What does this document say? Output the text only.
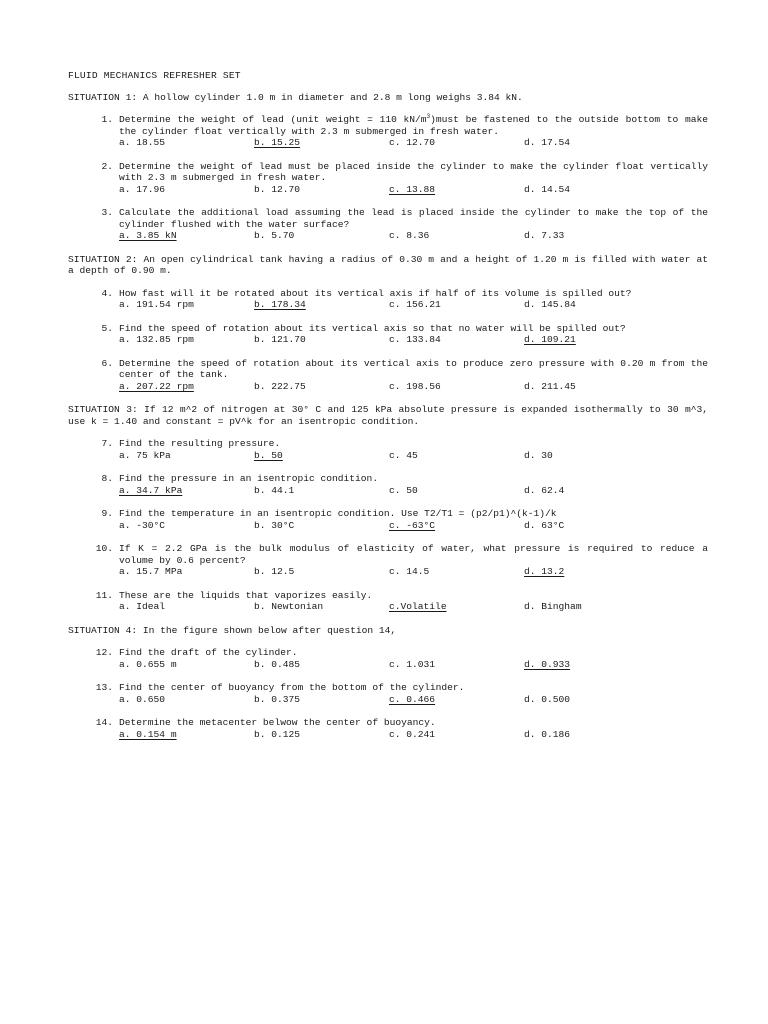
FLUID MECHANICS REFRESHER SET
SITUATION 1: A hollow cylinder 1.0 m in diameter and 2.8 m long weighs 3.84 kN.
1. Determine the weight of lead (unit weight = 110 $kN/m^3)must$ be fastened to the outside bottom to make the cylinder float vertically with 2.3 m submerged in fresh water.
a. 18.55	b. 15.25	c. 12.70	d. 17.54
2. Determine the weight of lead must be placed inside the cylinder to make the cylinder float vertically with 2.3 m submerged in fresh water.
a. 17.96	b. 12.70	c. 13.88	d. 14.54
3. Calculate the additional load assuming the lead is placed inside the cylinder to make the top of the cylinder flushed with the water surface?
a. 3.85 kN	b. 5.70	c. 8.36	d. 7.33
SITUATION 2: An open cylindrical tank having a radius of 0.30 m and a height of 1.20 m is filled with water at a depth of 0.90 m.
4. How fast will it be rotated about its vertical axis if half of its volume is spilled out?
a. 191.54 rpm	b. 178.34	c. 156.21	d. 145.84
5. Find the speed of rotation about its vertical axis so that no water will be spilled out?
a. 132.85 rpm	b. 121.70	c. 133.84	d. 109.21
6. Determine the speed of rotation about its vertical axis to produce zero pressure with 0.20 m from the center of the tank.
a. 207.22 rpm	b. 222.75	c. 198.56	d. 211.45
SITUATION 3: If 12 m^2 of nitrogen at 30° C and 125 kPa absolute pressure is expanded isothermally to 30 m^3, use k = 1.40 and constant = pV^k for an isentropic condition.
7. Find the resulting pressure.
a. 75 kPa	b. 50	c. 45	d. 30
8. Find the pressure in an isentropic condition.
a. 34.7 kPa	b. 44.1	c. 50	d. 62.4
9. Find the temperature in an isentropic condition. Use T2/T1 = (p2/p1)^(k-1)/k
a. -30°C	b. 30°C	c. -63°C	d. 63°C
10. If K = 2.2 GPa is the bulk modulus of elasticity of water, what pressure is required to reduce a volume by 0.6 percent?
a. 15.7 MPa	b. 12.5	c. 14.5	d. 13.2
11. These are the liquids that vaporizes easily.
a. Ideal	b. Newtonian	c.Volatile	d. Bingham
SITUATION 4: In the figure shown below after question 14,
12. Find the draft of the cylinder.
a. 0.655 m	b. 0.485	c. 1.031	d. 0.933
13. Find the center of buoyancy from the bottom of the cylinder.
a. 0.650	b. 0.375	c. 0.466	d. 0.500
14. Determine the metacenter belwow the center of buoyancy.
a. 0.154 m	b. 0.125	c. 0.241	d. 0.186
